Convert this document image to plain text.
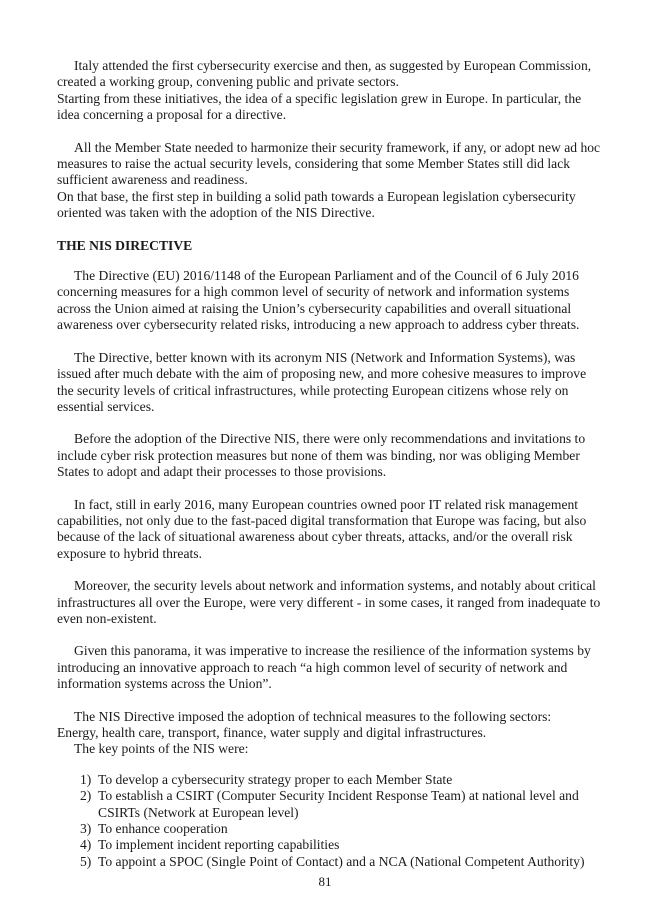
Italy attended the first cybersecurity exercise and then, as suggested by European Commission,
created a working group, convening public and private sectors.
Starting from these initiatives, the idea of a specific legislation grew in Europe. In particular, the
idea concerning a proposal for a directive.
All the Member State needed to harmonize their security framework, if any, or adopt new ad hoc
measures to raise the actual security levels, considering that some Member States still did lack
sufficient awareness and readiness.
On that base, the first step in building a solid path towards a European legislation cybersecurity
oriented was taken with the adoption of the NIS Directive.
THE NIS DIRECTIVE
The Directive (EU) 2016/1148 of the European Parliament and of the Council of 6 July 2016
concerning measures for a high common level of security of network and information systems
across the Union aimed at raising the Union’s cybersecurity capabilities and overall situational
awareness over cybersecurity related risks, introducing a new approach to address cyber threats.
The Directive, better known with its acronym NIS (Network and Information Systems), was
issued after much debate with the aim of proposing new, and more cohesive measures to improve
the security levels of critical infrastructures, while protecting European citizens whose rely on
essential services.
Before the adoption of the Directive NIS, there were only recommendations and invitations to
include cyber risk protection measures but none of them was binding, nor was obliging Member
States to adopt and adapt their processes to those provisions.
In fact, still in early 2016, many European countries owned poor IT related risk management
capabilities, not only due to the fast-paced digital transformation that Europe was facing, but also
because of the lack of situational awareness about cyber threats, attacks, and/or the overall risk
exposure to hybrid threats.
Moreover, the security levels about network and information systems, and notably about critical
infrastructures all over the Europe, were very different - in some cases, it ranged from inadequate to
even non-existent.
Given this panorama, it was imperative to increase the resilience of the information systems by
introducing an innovative approach to reach “a high common level of security of network and
information systems across the Union”.
The NIS Directive imposed the adoption of technical measures to the following sectors:
Energy, health care, transport, finance, water supply and digital infrastructures.
The key points of the NIS were:
1) To develop a cybersecurity strategy proper to each Member State
2) To establish a CSIRT (Computer Security Incident Response Team) at national level and
CSIRTs (Network at European level)
3) To enhance cooperation
4) To implement incident reporting capabilities
5) To appoint a SPOC (Single Point of Contact) and a NCA (National Competent Authority)
81
